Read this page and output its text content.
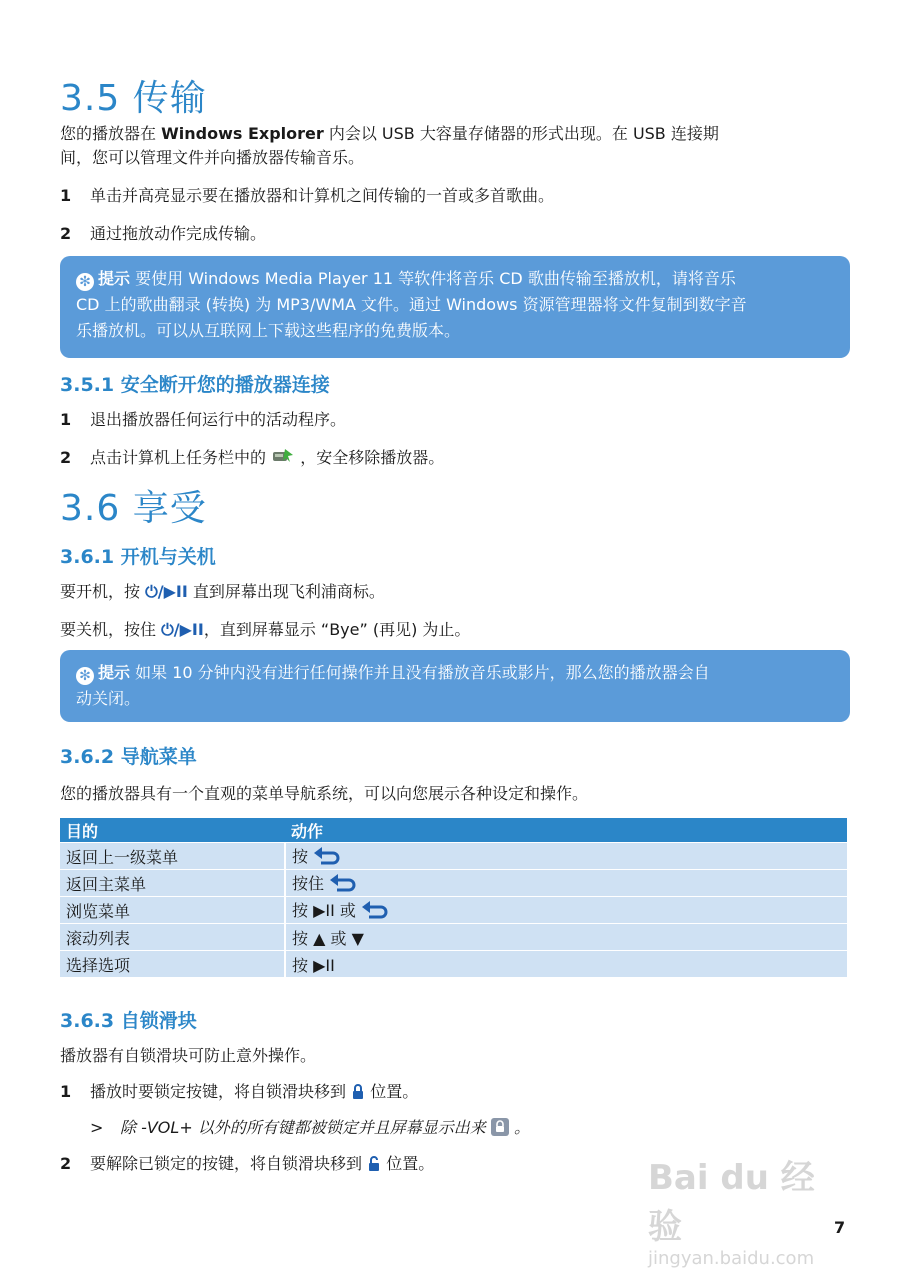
3.5 传输
您的播放器在 Windows Explorer 内会以 USB 大容量存储器的形式出现。在 USB 连接期
间，您可以管理文件并向播放器传输音乐。
1 单击并高亮显示要在播放器和计算机之间传输的一首或多首歌曲。
2 通过拖放动作完成传输。
✻ 提示 要使用 Windows Media Player 11 等软件将音乐 CD 歌曲传输至播放机，请将音乐
CD 上的歌曲翻录 (转换) 为 MP3/WMA 文件。通过 Windows 资源管理器将文件复制到数字音
乐播放机。可以从互联网上下载这些程序的免费版本。
3.5.1 安全断开您的播放器连接
1 退出播放器任何运行中的活动程序。
2 点击计算机上任务栏中的 ，安全移除播放器。
3.6 享受
3.6.1 开机与关机
要开机，按 ⏻/▶II 直到屏幕出现飞利浦商标。
要关机，按住 ⏻/▶II，直到屏幕显示 “Bye” (再见) 为止。
✻ 提示 如果 10 分钟内没有进行任何操作并且没有播放音乐或影片，那么您的播放器会自
动关闭。
3.6.2 导航菜单
您的播放器具有一个直观的菜单导航系统，可以向您展示各种设定和操作。
目的	动作
返回上一级菜单	按
返回主菜单	按住
浏览菜单	按 ▶II 或
滚动列表	按 ▲ 或 ▼
选择选项	按 ▶II
3.6.3 自锁滑块
播放器有自锁滑块可防止意外操作。
1 播放时要锁定按键，将自锁滑块移到 位置。
> 除 -VOL+ 以外的所有键都被锁定并且屏幕显示出来 。
2 要解除已锁定的按键，将自锁滑块移到 位置。	Bai du 经验
jingyan.baidu.com
7
